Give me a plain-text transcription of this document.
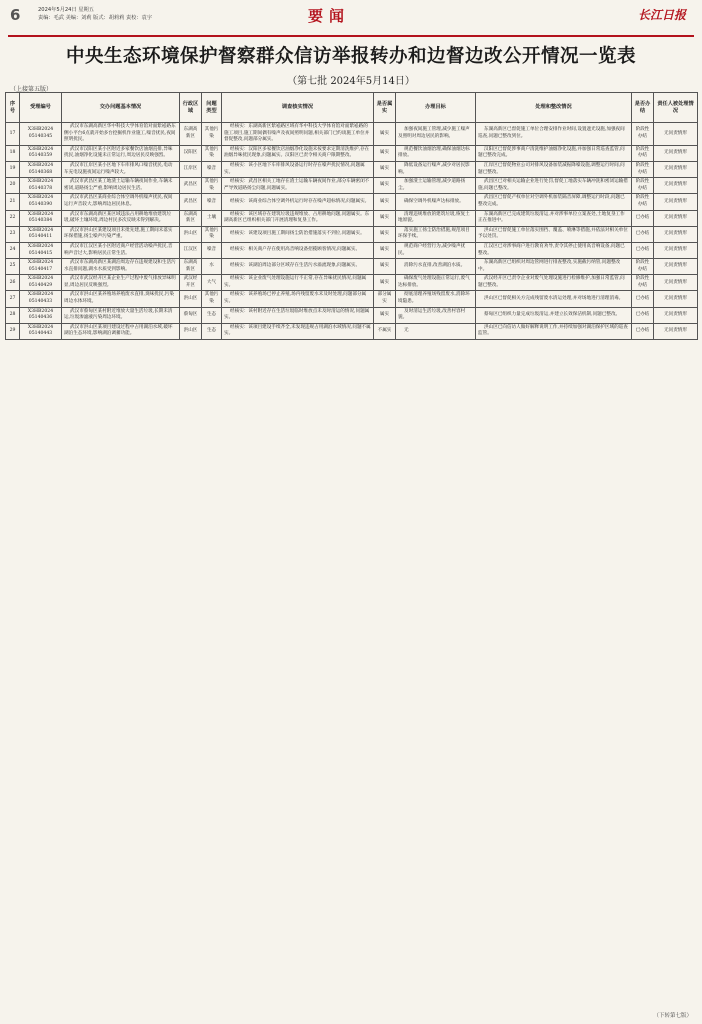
6	2024年5月24日 星期五
责编：毛武 美编：刘莉 版式：胡莉莉 责校：袁宇	要闻	长江日报
中央生态环境保护督察群众信访举报转办和边督边改公开情况一览表
（第七批 2024年5月14日）
（上接第五版）
序号	受理编号	交办问题基本情况	行政区域	问题类型	调查核实情况	是否属实	办理目标	处理和整改情况	是否办结	责任人被处理情况
17	X3HB2024 05140345	武汉市东湖高新区华中科技大学体育馆对面紫崧路东侧小平台6点就开始多台挖掘机作业施工,噪音扰民,夜间照明扰民。	东湖高新区	其他污染	经核实：东湖高新区紫崧路区域有华中科技大学体育馆对面紫崧路的施工项目,施工期间偶有噪声及夜间照明问题,相关部门已约谈施工单位并督促整改,问题部分属实。	属实	加强夜间施工管理,减少施工噪声及照明对周边居民的影响。	东湖高新区已督促施工单位合理安排作业时间,设置遮光设施,加强夜间巡查,问题已整改到位。	阶段性办结	无问责情形
18	X3HB2024 05140359	武汉市汉阳区某小区附近多家餐饮店油烟直排,异味扰民,油烟净化设施未正常运行,周边居民反映强烈。	汉阳区	其他污染	经核实：汉阳区多家餐饮店油烟净化设施未按要求定期清洗维护,存在油烟异味扰民现象,问题属实。汉阳区已责令相关商户限期整改。	属实	规范餐饮油烟治理,确保油烟达标排放。	汉阳区已督促涉事商户清洗维护油烟净化设施,并加强日常巡查监管,问题已整改完成。	阶段性办结	无问责情形
19	X3HB2024 05140368	武汉市江岸区某小区地下车库排风口噪音扰民,电动车充电设施夜间运行噪声较大。	江岸区	噪音	经核实：该小区地下车库排风设备运行时存在噪声扰民情况,问题属实。	属实	降低设备运行噪声,减少对居民影响。	江岸区已督促物业公司对排风设备加装减振降噪设施,调整运行时间,问题已整改。	阶段性办结	无问责情形
20	X3HB2024 05140378	武汉市武昌区某工地渣土运输车辆夜间作业,车辆未密闭,道路扬尘严重,影响周边居民生活。	武昌区	其他污染	经核实：武昌区相关工地存在渣土运输车辆夜间作业,部分车辆密闭不严导致道路扬尘问题,问题属实。	属实	加强渣土运输管理,减少道路扬尘。	武昌区已对相关运输企业进行处罚,督促工地落实车辆冲洗和密闭运输措施,问题已整改。	阶段性办结	无问责情形
21	X3HB2024 05140390	武汉市武昌区某商业综合体空调外机噪声扰民,夜间运行声音较大,影响周边居民休息。	武昌区	噪音	经核实：该商业综合体空调外机运行时存在噪声超标情况,问题属实。	属实	确保空调外机噪声达标排放。	武昌区已督促产权单位对空调外机加装隔音屏障,调整运行时段,问题已整改完成。	阶段性办结	无问责情形
22	X3HB2024 05140384	武汉市东湖高新区某区域违法占用耕地堆放建筑垃圾,破坏土壤环境,周边村民多次反映未得到解决。	东湖高新区	土壤	经核实：该区域存在建筑垃圾违规堆放、占用耕地问题,问题属实。东湖高新区已组织相关部门开展清理和复垦工作。	属实	清理违规堆放的建筑垃圾,恢复土地原貌。	东湖高新区已完成建筑垃圾清运,并对涉事单位立案查处,土地复垦工作正在推进中。	已办结	无问责情形
23	X3HB2024 05140411	武汉市洪山区某建设项目未批先建,施工期间未落实环保措施,扬尘噪声污染严重。	洪山区	其他污染	经核实：该建设项目施工期间扬尘防治措施落实不到位,问题属实。	属实	落实施工扬尘防治措施,规范项目环保手续。	洪山区已督促施工单位落实围挡、覆盖、喷淋等措施,并依法对相关单位予以处罚。	已办结	无问责情形
24	X3HB2024 05140415	武汉市江汉区某小区附近商户经营活动噪声扰民,音响声音过大,影响居民正常生活。	江汉区	噪音	经核实：相关商户存在使用高音响设备招揽顾客情况,问题属实。	属实	规范商户经营行为,减少噪声扰民。	江汉区已对涉事商户进行教育劝导,责令其停止使用高音响设备,问题已整改。	已办结	无问责情形
25	X3HB2024 05140417	武汉市东湖高新区某湖泊周边存在违规建设和生活污水直排问题,湖水水质受到影响。	东湖高新区	水	经核实：该湖泊周边部分区域存在生活污水溢流现象,问题属实。	属实	消除污水直排,改善湖泊水质。	东湖高新区已组织对周边管网进行排查整改,实施截污纳管,问题整改中。	阶段性办结	无问责情形
26	X3HB2024 05140429	武汉市武汉经开区某企业生产过程中废气排放异味明显,周边居民反映强烈。	武汉经开区	大气	经核实：该企业废气处理设施运行不正常,存在异味扰民情况,问题属实。	属实	确保废气处理设施正常运行,废气达标排放。	武汉经开区已责令企业对废气处理设施进行检修维护,加强日常监管,问题已整改。	阶段性办结	无问责情形
27	X3HB2024 05140433	武汉市洪山区某养殖场养殖废水直排,臭味扰民,污染周边水体环境。	洪山区	其他污染	经核实：该养殖场已停止养殖,场内残留废水未及时处理,问题部分属实。	部分属实	彻底清理养殖场残留废水,消除环境隐患。	洪山区已督促相关方完成残留废水清运处理,并对场地进行清理消毒。	已办结	无问责情形
28	X3HB2024 05140436	武汉市蔡甸区某村附近堆放大量生活垃圾,长期未清运,垃圾渗滤液污染周边环境。	蔡甸区	生态	经核实：该村附近存在生活垃圾临时堆放点未及时清运的情况,问题属实。	属实	及时清运生活垃圾,改善村容村貌。	蔡甸区已组织力量完成垃圾清运,并建立长效保洁机制,问题已整改。	已办结	无问责情形
29	X3HB2024 05140443	武汉市洪山区某项目建设过程中占用湖泊水域,破坏湖泊生态环境,影响湖泊调蓄功能。	洪山区	生态	经核实：该项目建设手续齐全,未发现违规占用湖泊水域情况,问题不属实。	不属实	无	洪山区已向信访人做好解释说明工作,并持续加强对湖泊保护区域的巡查监管。	已办结	无问责情形
（下转第七版）
